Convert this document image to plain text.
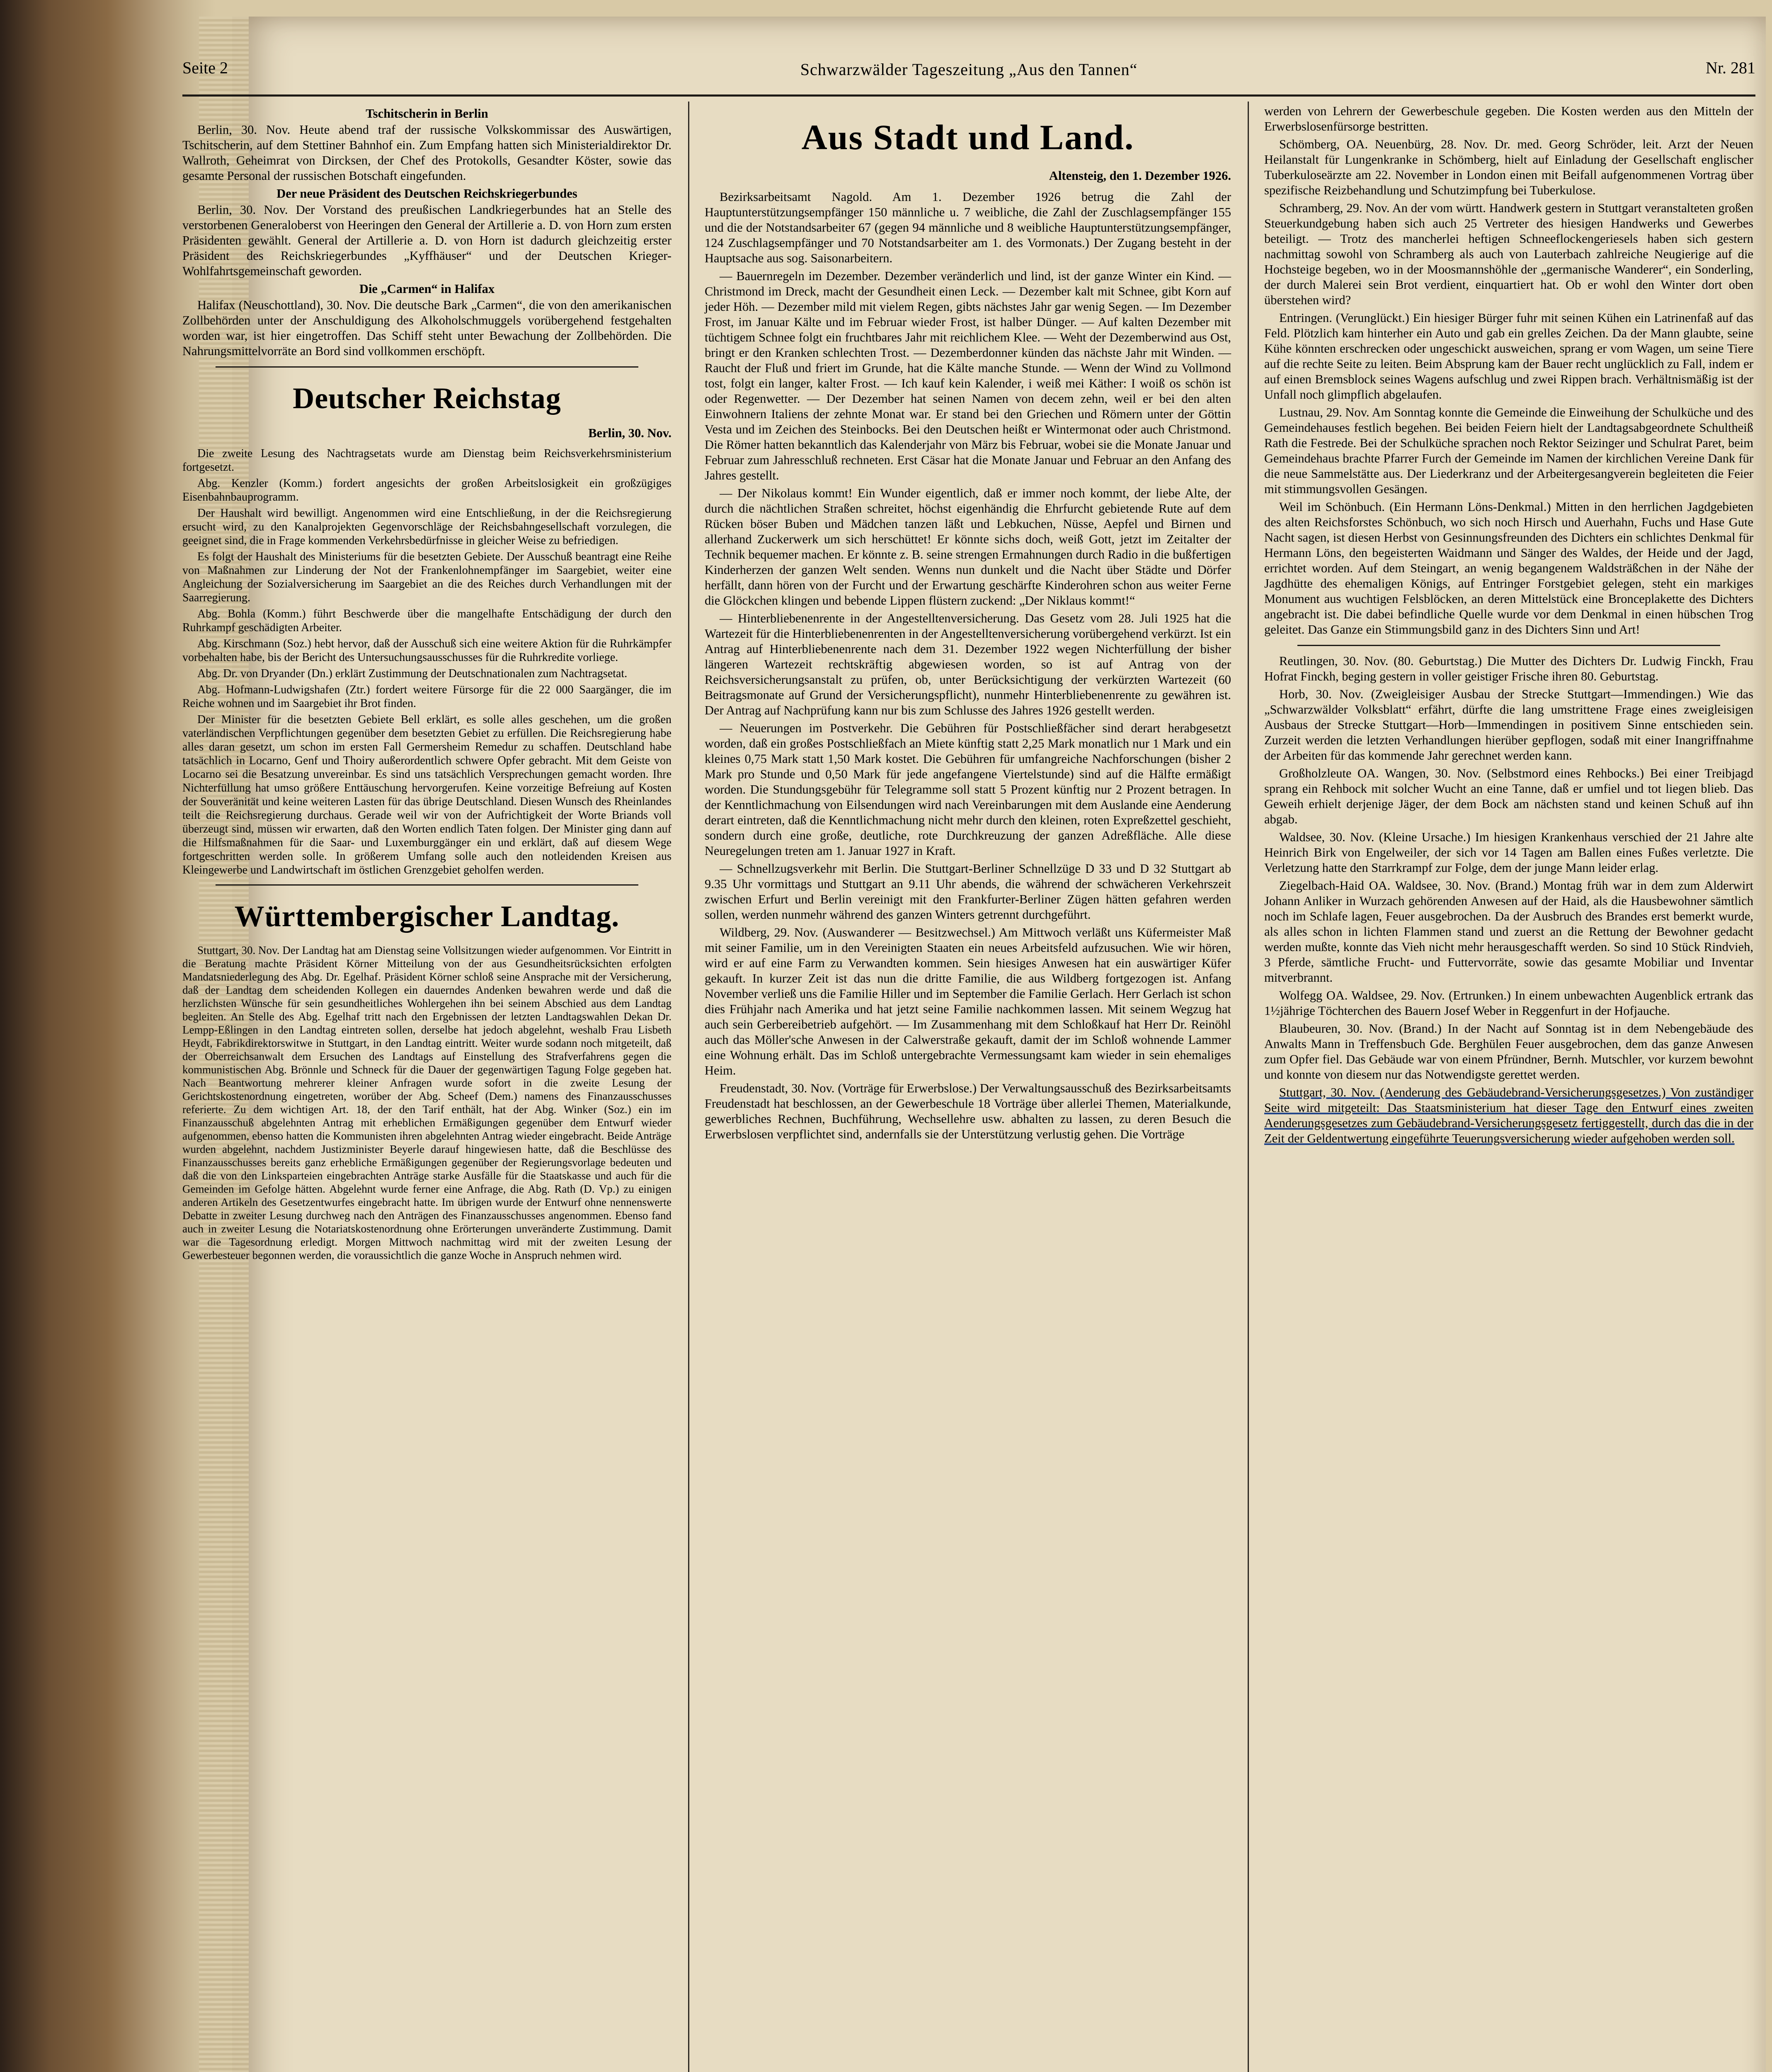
Seite 2	Schwarzwälder Tageszeitung „Aus den Tannen“	Nr. 281
Tschitscherin in Berlin

Berlin, 30. Nov. Heute abend traf der russische Volkskommissar des Auswärtigen, Tschitscherin, auf dem Stettiner Bahnhof ein. Zum Empfang hatten sich Ministerialdirektor Dr. Wallroth, Geheimrat von Dircksen, der Chef des Protokolls, Gesandter Köster, sowie das gesamte Personal der russischen Botschaft eingefunden.

Der neue Präsident des Deutschen Reichskriegerbundes

Berlin, 30. Nov. Der Vorstand des preußischen Landkriegerbundes hat an Stelle des verstorbenen Generaloberst von Heeringen den General der Artillerie a. D. von Horn zum ersten Präsidenten gewählt. General der Artillerie a. D. von Horn ist dadurch gleichzeitig erster Präsident des Reichskriegerbundes „Kyffhäuser“ und der Deutschen Krieger-Wohlfahrtsgemeinschaft geworden.

Die „Carmen“ in Halifax

Halifax (Neuschottland), 30. Nov. Die deutsche Bark „Carmen“, die von den amerikanischen Zollbehörden unter der Anschuldigung des Alkoholschmuggels vorübergehend festgehalten worden war, ist hier eingetroffen. Das Schiff steht unter Bewachung der Zollbehörden. Die Nahrungsmittelvorräte an Bord sind vollkommen erschöpft.

Deutscher Reichstag
Berlin, 30. Nov.

Die zweite Lesung des Nachtragsetats wurde am Dienstag beim Reichsverkehrsministerium fortgesetzt.

Abg. Kenzler (Komm.) fordert angesichts der großen Arbeitslosigkeit ein großzügiges Eisenbahnbauprogramm.

Der Haushalt wird bewilligt. Angenommen wird eine Entschließung, in der die Reichsregierung ersucht wird, zu den Kanalprojekten Gegenvorschläge der Reichsbahngesellschaft vorzulegen, die geeignet sind, die in Frage kommenden Verkehrsbedürfnisse in gleicher Weise zu befriedigen.

Es folgt der Haushalt des Ministeriums für die besetzten Gebiete. Der Ausschuß beantragt eine Reihe von Maßnahmen zur Linderung der Not der Frankenlohnempfänger im Saargebiet, weiter eine Angleichung der Sozialversicherung im Saargebiet an die des Reiches durch Verhandlungen mit der Saarregierung.

Abg. Bohla (Komm.) führt Beschwerde über die mangelhafte Entschädigung der durch den Ruhrkampf geschädigten Arbeiter.

Abg. Kirschmann (Soz.) hebt hervor, daß der Ausschuß sich eine weitere Aktion für die Ruhrkämpfer vorbehalten habe, bis der Bericht des Untersuchungsausschusses für die Ruhrkredite vorliege.

Abg. Dr. von Dryander (Dn.) erklärt Zustimmung der Deutschnationalen zum Nachtragsetat.

Abg. Hofmann-Ludwigshafen (Ztr.) fordert weitere Fürsorge für die 22 000 Saargänger, die im Reiche wohnen und im Saargebiet ihr Brot finden.

Der Minister für die besetzten Gebiete Bell erklärt, es solle alles geschehen, um die großen vaterländischen Verpflichtungen gegenüber dem besetzten Gebiet zu erfüllen. Die Reichsregierung habe alles daran gesetzt, um schon im ersten Fall Germersheim Remedur zu schaffen. Deutschland habe tatsächlich in Locarno, Genf und Thoiry außerordentlich schwere Opfer gebracht. Mit dem Geiste von Locarno sei die Besatzung unvereinbar. Es sind uns tatsächlich Versprechungen gemacht worden. Ihre Nichterfüllung hat umso größere Enttäuschung hervorgerufen. Keine vorzeitige Befreiung auf Kosten der Souveränität und keine weiteren Lasten für das übrige Deutschland. Diesen Wunsch des Rheinlandes teilt die Reichsregierung durchaus. Gerade weil wir von der Aufrichtigkeit der Worte Briands voll überzeugt sind, müssen wir erwarten, daß den Worten endlich Taten folgen. Der Minister ging dann auf die Hilfsmaßnahmen für die Saar- und Luxemburggänger ein und erklärt, daß auf diesem Wege fortgeschritten werden solle. In größerem Umfang solle auch den notleidenden Kreisen aus Kleingewerbe und Landwirtschaft im östlichen Grenzgebiet geholfen werden.

Württembergischer Landtag.

Stuttgart, 30. Nov. Der Landtag hat am Dienstag seine Vollsitzungen wieder aufgenommen. Vor Eintritt in die Beratung machte Präsident Körner Mitteilung von der aus Gesundheitsrücksichten erfolgten Mandatsniederlegung des Abg. Dr. Egelhaf. Präsident Körner schloß seine Ansprache mit der Versicherung, daß der Landtag dem scheidenden Kollegen ein dauerndes Andenken bewahren werde und daß die herzlichsten Wünsche für sein gesundheitliches Wohlergehen ihn bei seinem Abschied aus dem Landtag begleiten. An Stelle des Abg. Egelhaf tritt nach den Ergebnissen der letzten Landtagswahlen Dekan Dr. Lempp-Eßlingen in den Landtag eintreten sollen, derselbe hat jedoch abgelehnt, weshalb Frau Lisbeth Heydt, Fabrikdirektorswitwe in Stuttgart, in den Landtag eintritt. Weiter wurde sodann noch mitgeteilt, daß der Oberreichsanwalt dem Ersuchen des Landtags auf Einstellung des Strafverfahrens gegen die kommunistischen Abg. Brönnle und Schneck für die Dauer der gegenwärtigen Tagung Folge gegeben hat. Nach Beantwortung mehrerer kleiner Anfragen wurde sofort in die zweite Lesung der Gerichtskostenordnung eingetreten, worüber der Abg. Scheef (Dem.) namens des Finanzausschusses referierte. Zu dem wichtigen Art. 18, der den Tarif enthält, hat der Abg. Winker (Soz.) ein im Finanzausschuß abgelehnten Antrag mit erheblichen Ermäßigungen gegenüber dem Entwurf wieder aufgenommen, ebenso hatten die Kommunisten ihren abgelehnten Antrag wieder eingebracht. Beide Anträge wurden abgelehnt, nachdem Justizminister Beyerle darauf hingewiesen hatte, daß die Beschlüsse des Finanzausschusses bereits ganz erhebliche Ermäßigungen gegenüber der Regierungsvorlage bedeuten und daß die von den Linksparteien eingebrachten Anträge starke Ausfälle für die Staatskasse und auch für die Gemeinden im Gefolge hätten. Abgelehnt wurde ferner eine Anfrage, die Abg. Rath (D. Vp.) zu einigen anderen Artikeln des Gesetzentwurfes eingebracht hatte. Im übrigen wurde der Entwurf ohne nennenswerte Debatte in zweiter Lesung durchweg nach den Anträgen des Finanzausschusses angenommen. Ebenso fand auch in zweiter Lesung die Notariatskostenordnung ohne Erörterungen unveränderte Zustimmung. Damit war die Tagesordnung erledigt. Morgen Mittwoch nachmittag wird mit der zweiten Lesung der Gewerbesteuer begonnen werden, die voraussichtlich die ganze Woche in Anspruch nehmen wird.

Aus Stadt und Land.
Altensteig, den 1. Dezember 1926.

Bezirksarbeitsamt Nagold. Am 1. Dezember 1926 betrug die Zahl der Hauptunterstützungsempfänger 150 männliche u. 7 weibliche, die Zahl der Zuschlagsempfänger 155 und die der Notstandsarbeiter 67 (gegen 94 männliche und 8 weibliche Hauptunterstützungsempfänger, 124 Zuschlagsempfänger und 70 Notstandsarbeiter am 1. des Vormonats.) Der Zugang besteht in der Hauptsache aus sog. Saisonarbeitern.

— Bauernregeln im Dezember. Dezember veränderlich und lind, ist der ganze Winter ein Kind. — Christmond im Dreck, macht der Gesundheit einen Leck. — Dezember kalt mit Schnee, gibt Korn auf jeder Höh. — Dezember mild mit vielem Regen, gibts nächstes Jahr gar wenig Segen. — Im Dezember Frost, im Januar Kälte und im Februar wieder Frost, ist halber Dünger. — Auf kalten Dezember mit tüchtigem Schnee folgt ein fruchtbares Jahr mit reichlichem Klee. — Weht der Dezemberwind aus Ost, bringt er den Kranken schlechten Trost. — Dezemberdonner künden das nächste Jahr mit Winden. — Raucht der Fluß und friert im Grunde, hat die Kälte manche Stunde. — Wenn der Wind zu Vollmond tost, folgt ein langer, kalter Frost. — Ich kauf kein Kalender, i weiß mei Käther: I woiß os schön ist oder Regenwetter. — Der Dezember hat seinen Namen von decem zehn, weil er bei den alten Einwohnern Italiens der zehnte Monat war. Er stand bei den Griechen und Römern unter der Göttin Vesta und im Zeichen des Steinbocks. Bei den Deutschen heißt er Wintermonat oder auch Christmond. Die Römer hatten bekanntlich das Kalenderjahr von März bis Februar, wobei sie die Monate Januar und Februar zum Jahresschluß rechneten. Erst Cäsar hat die Monate Januar und Februar an den Anfang des Jahres gestellt.

— Der Nikolaus kommt! Ein Wunder eigentlich, daß er immer noch kommt, der liebe Alte, der durch die nächtlichen Straßen schreitet, höchst eigenhändig die Ehrfurcht gebietende Rute auf dem Rücken böser Buben und Mädchen tanzen läßt und Lebkuchen, Nüsse, Aepfel und Birnen und allerhand Zuckerwerk um sich herschüttet! Er könnte sichs doch, weiß Gott, jetzt im Zeitalter der Technik bequemer machen. Er könnte z. B. seine strengen Ermahnungen durch Radio in die bußfertigen Kinderherzen der ganzen Welt senden. Wenns nun dunkelt und die Nacht über Städte und Dörfer herfällt, dann hören von der Furcht und der Erwartung geschärfte Kinderohren schon aus weiter Ferne die Glöckchen klingen und bebende Lippen flüstern zuckend: „Der Niklaus kommt!“

— Hinterbliebenenrente in der Angestelltenversicherung. Das Gesetz vom 28. Juli 1925 hat die Wartezeit für die Hinterbliebenenrenten in der Angestelltenversicherung vorübergehend verkürzt. Ist ein Antrag auf Hinterbliebenenrente nach dem 31. Dezember 1922 wegen Nichterfüllung der bisher längeren Wartezeit rechtskräftig abgewiesen worden, so ist auf Antrag von der Reichsversicherungsanstalt zu prüfen, ob, unter Berücksichtigung der verkürzten Wartezeit (60 Beitragsmonate auf Grund der Versicherungspflicht), nunmehr Hinterbliebenenrente zu gewähren ist. Der Antrag auf Nachprüfung kann nur bis zum Schlusse des Jahres 1926 gestellt werden.

— Neuerungen im Postverkehr. Die Gebühren für Postschließfächer sind derart herabgesetzt worden, daß ein großes Postschließfach an Miete künftig statt 2,25 Mark monatlich nur 1 Mark und ein kleines 0,75 Mark statt 1,50 Mark kostet. Die Gebühren für umfangreiche Nachforschungen (bisher 2 Mark pro Stunde und 0,50 Mark für jede angefangene Viertelstunde) sind auf die Hälfte ermäßigt worden. Die Stundungsgebühr für Telegramme soll statt 5 Prozent künftig nur 2 Prozent betragen. In der Kenntlichmachung von Eilsendungen wird nach Vereinbarungen mit dem Auslande eine Aenderung derart eintreten, daß die Kenntlichmachung nicht mehr durch den kleinen, roten Expreßzettel geschieht, sondern durch eine große, deutliche, rote Durchkreuzung der ganzen Adreßfläche. Alle diese Neuregelungen treten am 1. Januar 1927 in Kraft.

— Schnellzugsverkehr mit Berlin. Die Stuttgart-Berliner Schnellzüge D 33 und D 32 Stuttgart ab 9.35 Uhr vormittags und Stuttgart an 9.11 Uhr abends, die während der schwächeren Verkehrszeit zwischen Erfurt und Berlin vereinigt mit den Frankfurter-Berliner Zügen hätten gefahren werden sollen, werden nunmehr während des ganzen Winters getrennt durchgeführt.

Wildberg, 29. Nov. (Auswanderer — Besitzwechsel.) Am Mittwoch verläßt uns Küfermeister Maß mit seiner Familie, um in den Vereinigten Staaten ein neues Arbeitsfeld aufzusuchen. Wie wir hören, wird er auf eine Farm zu Verwandten kommen. Sein hiesiges Anwesen hat ein auswärtiger Küfer gekauft. In kurzer Zeit ist das nun die dritte Familie, die aus Wildberg fortgezogen ist. Anfang November verließ uns die Familie Hiller und im September die Familie Gerlach. Herr Gerlach ist schon dies Frühjahr nach Amerika und hat jetzt seine Familie nachkommen lassen. Mit seinem Wegzug hat auch sein Gerbereibetrieb aufgehört. — Im Zusammenhang mit dem Schloßkauf hat Herr Dr. Reinöhl auch das Möller'sche Anwesen in der Calwerstraße gekauft, damit der im Schloß wohnende Lammer eine Wohnung erhält. Das im Schloß untergebrachte Vermessungsamt kam wieder in sein ehemaliges Heim.

Freudenstadt, 30. Nov. (Vorträge für Erwerbslose.) Der Verwaltungsausschuß des Bezirksarbeitsamts Freudenstadt hat beschlossen, an der Gewerbeschule 18 Vorträge über allerlei Themen, Materialkunde, gewerbliches Rechnen, Buchführung, Wechsellehre usw. abhalten zu lassen, zu deren Besuch die Erwerbslosen verpflichtet sind, andernfalls sie der Unterstützung verlustig gehen. Die Vorträge

werden von Lehrern der Gewerbeschule gegeben. Die Kosten werden aus den Mitteln der Erwerbslosenfürsorge bestritten.

Schömberg, OA. Neuenbürg, 28. Nov. Dr. med. Georg Schröder, leit. Arzt der Neuen Heilanstalt für Lungenkranke in Schömberg, hielt auf Einladung der Gesellschaft englischer Tuberkuloseärzte am 22. November in London einen mit Beifall aufgenommenen Vortrag über spezifische Reizbehandlung und Schutzimpfung bei Tuberkulose.

Schramberg, 29. Nov. An der vom württ. Handwerk gestern in Stuttgart veranstalteten großen Steuerkundgebung haben sich auch 25 Vertreter des hiesigen Handwerks und Gewerbes beteiligt. — Trotz des mancherlei heftigen Schneeflockengeriesels haben sich gestern nachmittag sowohl von Schramberg als auch von Lauterbach zahlreiche Neugierige auf die Hochsteige begeben, wo in der Moosmannshöhle der „germanische Wanderer“, ein Sonderling, der durch Malerei sein Brot verdient, einquartiert hat. Ob er wohl den Winter dort oben überstehen wird?

Entringen. (Verunglückt.) Ein hiesiger Bürger fuhr mit seinen Kühen ein Latrinenfaß auf das Feld. Plötzlich kam hinterher ein Auto und gab ein grelles Zeichen. Da der Mann glaubte, seine Kühe könnten erschrecken oder ungeschickt ausweichen, sprang er vom Wagen, um seine Tiere auf die rechte Seite zu leiten. Beim Absprung kam der Bauer recht unglücklich zu Fall, indem er auf einen Bremsblock seines Wagens aufschlug und zwei Rippen brach. Verhältnismäßig ist der Unfall noch glimpflich abgelaufen.

Lustnau, 29. Nov. Am Sonntag konnte die Gemeinde die Einweihung der Schulküche und des Gemeindehauses festlich begehen. Bei beiden Feiern hielt der Landtagsabgeordnete Schultheiß Rath die Festrede. Bei der Schulküche sprachen noch Rektor Seizinger und Schulrat Paret, beim Gemeindehaus brachte Pfarrer Furch der Gemeinde im Namen der kirchlichen Vereine Dank für die neue Sammelstätte aus. Der Liederkranz und der Arbeitergesangverein begleiteten die Feier mit stimmungsvollen Gesängen.

Weil im Schönbuch. (Ein Hermann Löns-Denkmal.) Mitten in den herrlichen Jagdgebieten des alten Reichsforstes Schönbuch, wo sich noch Hirsch und Auerhahn, Fuchs und Hase Gute Nacht sagen, ist diesen Herbst von Gesinnungsfreunden des Dichters ein schlichtes Denkmal für Hermann Löns, den begeisterten Waidmann und Sänger des Waldes, der Heide und der Jagd, errichtet worden. Auf dem Steingart, an wenig begangenem Waldsträßchen in der Nähe der Jagdhütte des ehemaligen Königs, auf Entringer Forstgebiet gelegen, steht ein markiges Monument aus wuchtigen Felsblöcken, an deren Mittelstück eine Bronceplakette des Dichters angebracht ist. Die dabei befindliche Quelle wurde vor dem Denkmal in einen hübschen Trog geleitet. Das Ganze ein Stimmungsbild ganz in des Dichters Sinn und Art!

Reutlingen, 30. Nov. (80. Geburtstag.) Die Mutter des Dichters Dr. Ludwig Finckh, Frau Hofrat Finckh, beging gestern in voller geistiger Frische ihren 80. Geburtstag.

Horb, 30. Nov. (Zweigleisiger Ausbau der Strecke Stuttgart—Immendingen.) Wie das „Schwarzwälder Volksblatt“ erfährt, dürfte die lang umstrittene Frage eines zweigleisigen Ausbaus der Strecke Stuttgart—Horb—Immendingen in positivem Sinne entschieden sein. Zurzeit werden die letzten Verhandlungen hierüber gepflogen, sodaß mit einer Inangriffnahme der Arbeiten für das kommende Jahr gerechnet werden kann.

Großholzleute OA. Wangen, 30. Nov. (Selbstmord eines Rehbocks.) Bei einer Treibjagd sprang ein Rehbock mit solcher Wucht an eine Tanne, daß er umfiel und tot liegen blieb. Das Geweih erhielt derjenige Jäger, der dem Bock am nächsten stand und keinen Schuß auf ihn abgab.

Waldsee, 30. Nov. (Kleine Ursache.) Im hiesigen Krankenhaus verschied der 21 Jahre alte Heinrich Birk von Engelweiler, der sich vor 14 Tagen am Ballen eines Fußes verletzte. Die Verletzung hatte den Starrkrampf zur Folge, dem der junge Mann leider erlag.

Ziegelbach-Haid OA. Waldsee, 30. Nov. (Brand.) Montag früh war in dem zum Alderwirt Johann Anliker in Wurzach gehörenden Anwesen auf der Haid, als die Hausbewohner sämtlich noch im Schlafe lagen, Feuer ausgebrochen. Da der Ausbruch des Brandes erst bemerkt wurde, als alles schon in lichten Flammen stand und zuerst an die Rettung der Bewohner gedacht werden mußte, konnte das Vieh nicht mehr herausgeschafft werden. So sind 10 Stück Rindvieh, 3 Pferde, sämtliche Frucht- und Futtervorräte, sowie das gesamte Mobiliar und Inventar mitverbrannt.

Wolfegg OA. Waldsee, 29. Nov. (Ertrunken.) In einem unbewachten Augenblick ertrank das 1½jährige Töchterchen des Bauern Josef Weber in Reggenfurt in der Hofjauche.

Blaubeuren, 30. Nov. (Brand.) In der Nacht auf Sonntag ist in dem Nebengebäude des Anwalts Mann in Treffensbuch Gde. Berghülen Feuer ausgebrochen, dem das ganze Anwesen zum Opfer fiel. Das Gebäude war von einem Pfründner, Bernh. Mutschler, vor kurzem bewohnt und konnte von diesem nur das Notwendigste gerettet werden.

Stuttgart, 30. Nov. (Aenderung des Gebäudebrand-Versicherungsgesetzes.) Von zuständiger Seite wird mitgeteilt: Das Staatsministerium hat dieser Tage den Entwurf eines zweiten Aenderungsgesetzes zum Gebäudebrand-Versicherungsgesetz fertiggestellt, durch das die in der Zeit der Geldentwertung eingeführte Teuerungsversicherung wieder aufgehoben werden soll.
